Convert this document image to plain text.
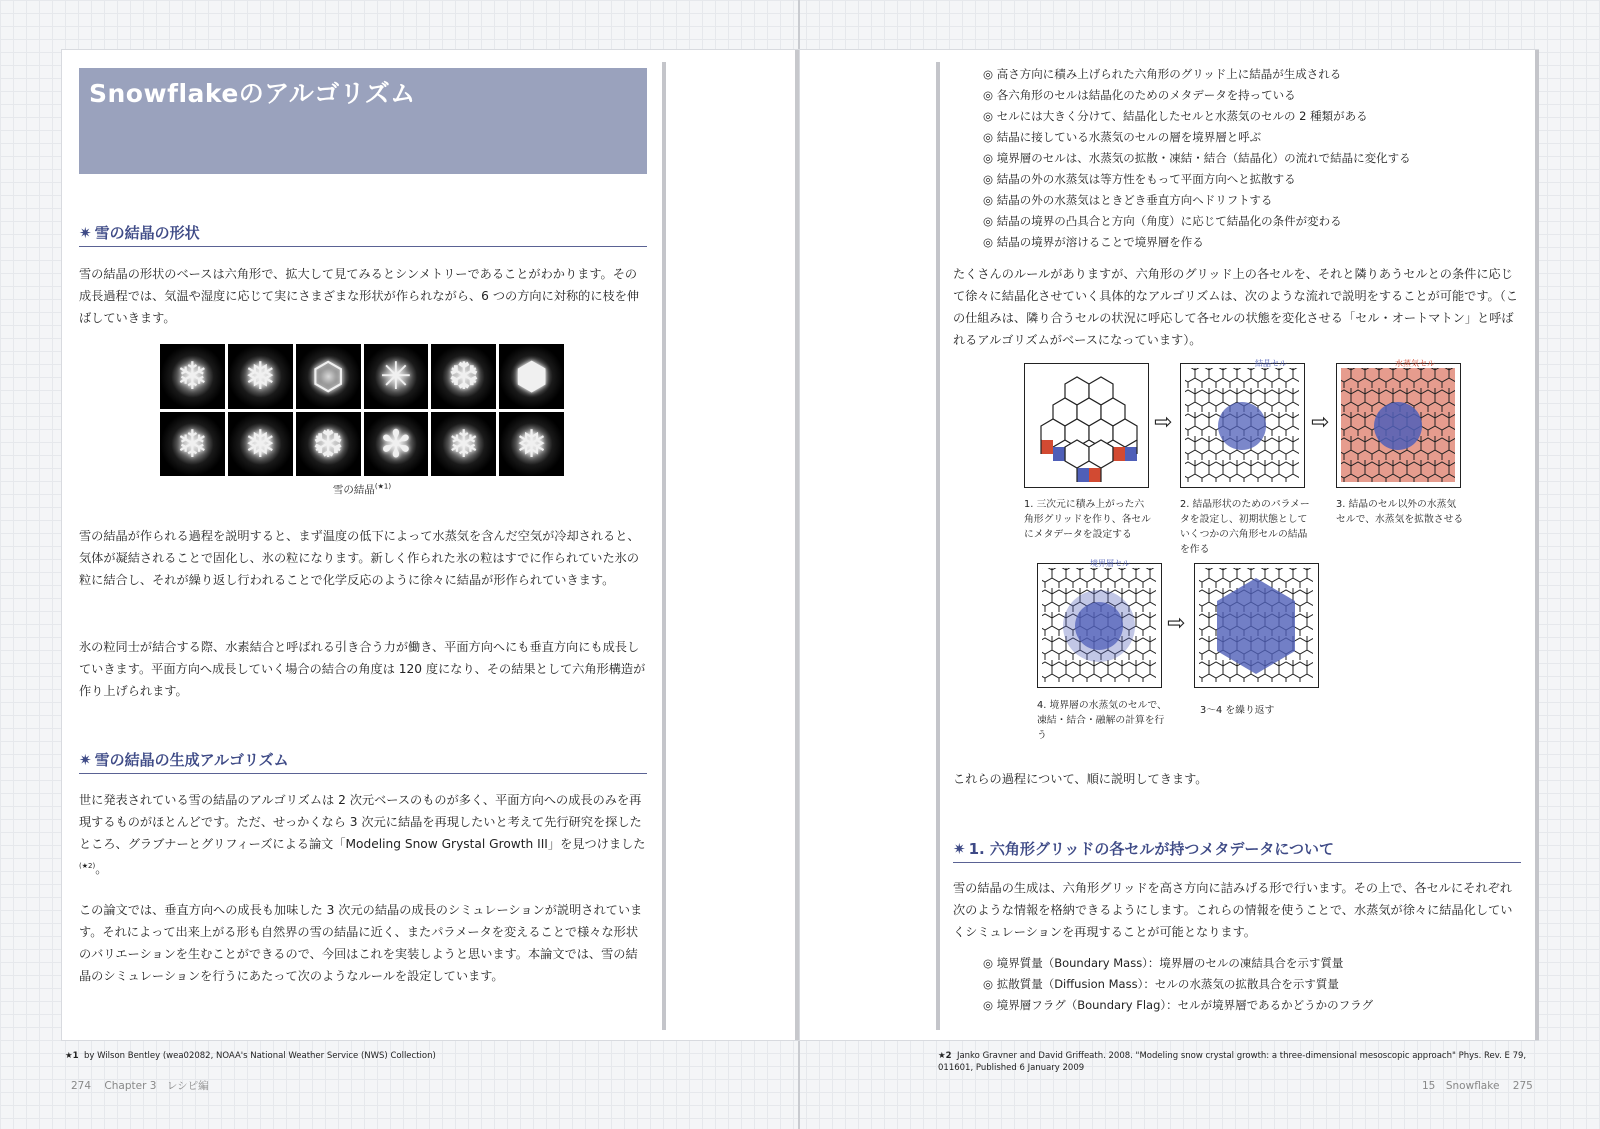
Snowflakeのアルゴリズム
✷ 雪の結晶の形状

雪の結晶の形状のベースは六角形で、拡大して見てみるとシンメトリーであることがわかります。その成長過程では、気温や湿度に応じて実にさまざまな形状が作られながら、6 つの方向に対称的に枝を伸ばしていきます。

❄ ❅ ⬡ ✳ ❆ ⬢
❄ ❅ ❆ ✻ ❄ ❅
雪の結晶$^{(★1)}$

雪の結晶が作られる過程を説明すると、まず温度の低下によって水蒸気を含んだ空気が冷却されると、気体が凝結されることで固化し、氷の粒になります。新しく作られた氷の粒はすでに作られていた氷の粒に結合し、それが繰り返し行われることで化学反応のように徐々に結晶が形作られていきます。

氷の粒同士が結合する際、水素結合と呼ばれる引き合う力が働き、平面方向へにも垂直方向にも成長していきます。平面方向へ成長していく場合の結合の角度は 120 度になり、その結果として六角形構造が作り上げられます。

✷ 雪の結晶の生成アルゴリズム

世に発表されている雪の結晶のアルゴリズムは 2 次元ベースのものが多く、平面方向への成長のみを再現するものがほとんどです。ただ、せっかくなら 3 次元に結晶を再現したいと考えて先行研究を探したところ、グラブナーとグリフィーズによる論文「Modeling Snow Grystal Growth III」を見つけました$^{(★2)}$。

この論文では、垂直方向への成長も加味した 3 次元の結晶の成長のシミュレーションが説明されています。それによって出来上がる形も自然界の雪の結晶に近く、またパラメータを変えることで様々な形状のバリエーションを生むことができるので、今回はこれを実装しようと思います。本論文では、雪の結晶のシミュレーションを行うにあたって次のようなルールを設定しています。

★1 by Wilson Bentley (wea02082, NOAA's National Weather Service (NWS) Collection)
274 Chapter 3　レシピ編
◎ 高さ方向に積み上げられた六角形のグリッド上に結晶が生成される
◎ 各六角形のセルは結晶化のためのメタデータを持っている
◎ セルには大きく分けて、結晶化したセルと水蒸気のセルの 2 種類がある
◎ 結晶に接している水蒸気のセルの層を境界層と呼ぶ
◎ 境界層のセルは、水蒸気の拡散・凍結・結合（結晶化）の流れで結晶に変化する
◎ 結晶の外の水蒸気は等方性をもって平面方向へと拡散する
◎ 結晶の外の水蒸気はときどき垂直方向へドリフトする
◎ 結晶の境界の凸具合と方向（角度）に応じて結晶化の条件が変わる
◎ 結晶の境界が溶けることで境界層を作る

たくさんのルールがありますが、六角形のグリッド上の各セルを、それと隣りあうセルとの条件に応じて徐々に結晶化させていく具体的なアルゴリズムは、次のような流れで説明をすることが可能です。（この仕組みは、隣り合うセルの状況に呼応して各セルの状態を変化させる「セル・オートマトン」と呼ばれるアルゴリズムがベースになっています）。

⇨
結晶セル
⇨
水蒸気セル
1. 三次元に積み上がった六角形グリッドを作り、各セルにメタデータを設定する
2. 結晶形状のためのパラメータを設定し、初期状態としていくつかの六角形セルの結晶を作る
3. 結晶のセル以外の水蒸気セルで、水蒸気を拡散させる
境界層セル
⇨
4. 境界層の水蒸気のセルで、凍結・結合・融解の計算を行う
3〜4 を繰り返す

これらの過程について、順に説明してきます。

✷ 1. 六角形グリッドの各セルが持つメタデータについて

雪の結晶の生成は、六角形グリッドを高さ方向に詰みげる形で行います。その上で、各セルにそれぞれ次のような情報を格納できるようにします。これらの情報を使うことで、水蒸気が徐々に結晶化していくシミュレーションを再現することが可能となります。

◎ 境界質量（Boundary Mass）：境界層のセルの凍結具合を示す質量
◎ 拡散質量（Diffusion Mass）：セルの水蒸気の拡散具合を示す質量
◎ 境界層フラグ（Boundary Flag）：セルが境界層であるかどうかのフラグ
★2 Janko Gravner and David Griffeath. 2008. "Modeling snow crystal growth: a three-dimensional mesoscopic approach" Phys. Rev. E 79, 011601, Published 6 January 2009
15　Snowflake 275
